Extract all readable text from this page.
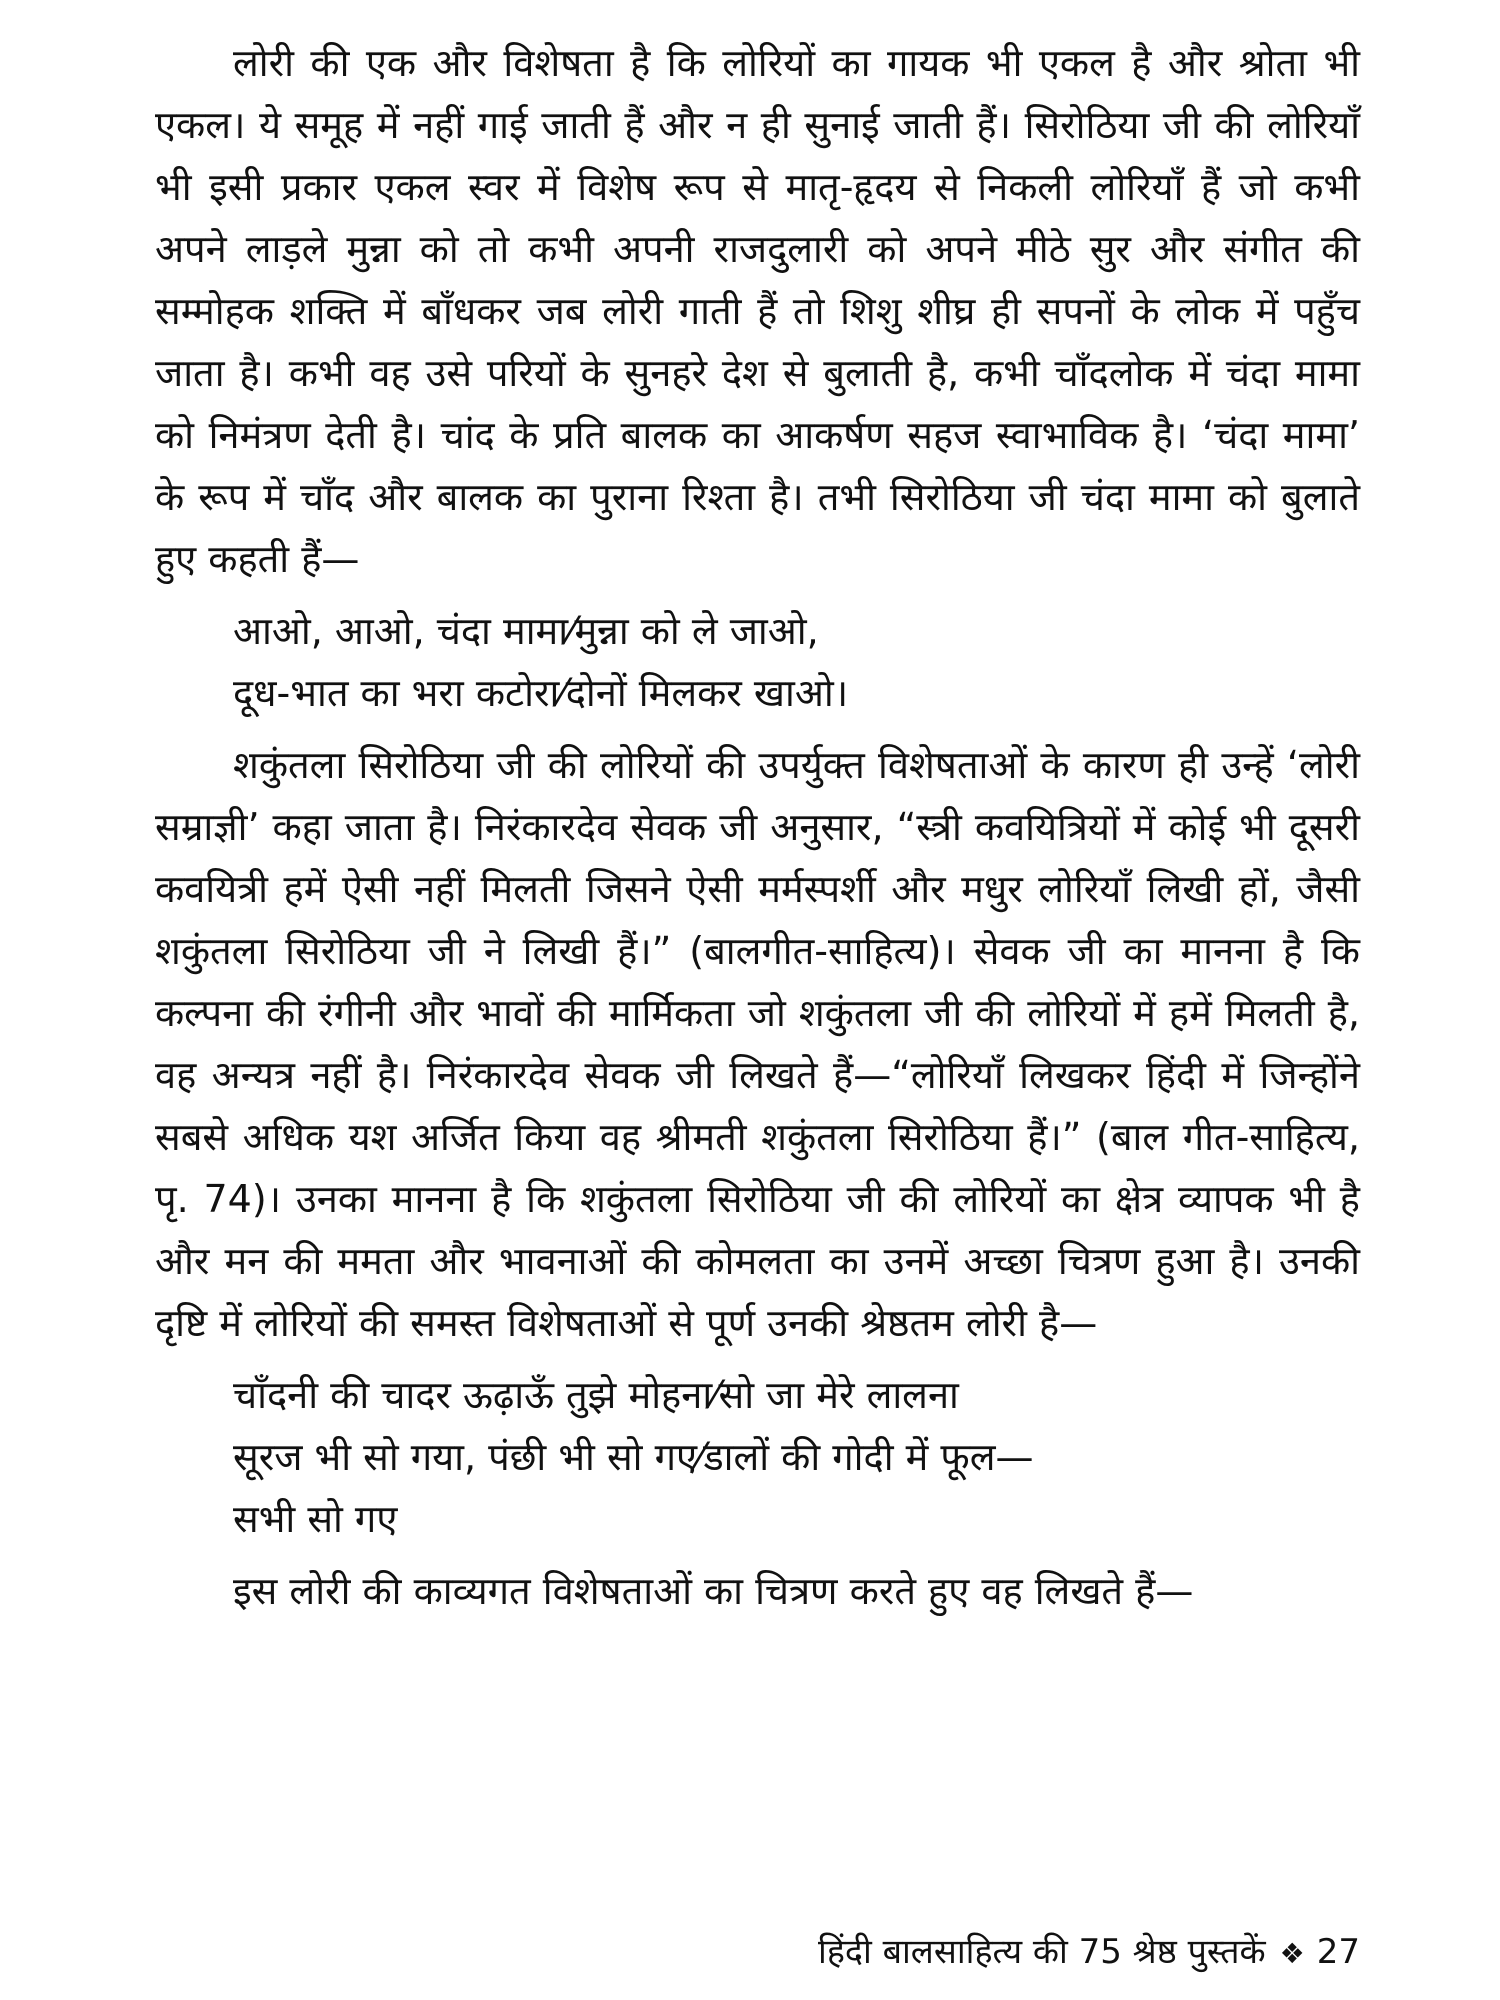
लोरी की एक और विशेषता है कि लोरियों का गायक भी एकल है और श्रोता भी एकल। ये समूह में नहीं गाई जाती हैं और न ही सुनाई जाती हैं। सिरोठिया जी की लोरियाँ भी इसी प्रकार एकल स्वर में विशेष रूप से मातृ-हृदय से निकली लोरियाँ हैं जो कभी अपने लाड़ले मुन्ना को तो कभी अपनी राजदुलारी को अपने मीठे सुर और संगीत की सम्मोहक शक्ति में बाँधकर जब लोरी गाती हैं तो शिशु शीघ्र ही सपनों के लोक में पहुँच जाता है। कभी वह उसे परियों के सुनहरे देश से बुलाती है, कभी चाँदलोक में चंदा मामा को निमंत्रण देती है। चांद के प्रति बालक का आकर्षण सहज स्वाभाविक है। ‘चंदा मामा’ के रूप में चाँद और बालक का पुराना रिश्ता है। तभी सिरोठिया जी चंदा मामा को बुलाते हुए कहती हैं—

आओ, आओ, चंदा मामा⁄मुन्ना को ले जाओ,
दूध-भात का भरा कटोरा⁄दोनों मिलकर खाओ।

शकुंतला सिरोठिया जी की लोरियों की उपर्युक्त विशेषताओं के कारण ही उन्हें ‘लोरी सम्राज्ञी’ कहा जाता है। निरंकारदेव सेवक जी अनुसार, “स्त्री कवयित्रियों में कोई भी दूसरी कवयित्री हमें ऐसी नहीं मिलती जिसने ऐसी मर्मस्पर्शी और मधुर लोरियाँ लिखी हों, जैसी शकुंतला सिरोठिया जी ने लिखी हैं।” (बालगीत-साहित्य)। सेवक जी का मानना है कि कल्पना की रंगीनी और भावों की मार्मिकता जो शकुंतला जी की लोरियों में हमें मिलती है, वह अन्यत्र नहीं है। निरंकारदेव सेवक जी लिखते हैं—“लोरियाँ लिखकर हिंदी में जिन्होंने सबसे अधिक यश अर्जित किया वह श्रीमती शकुंतला सिरोठिया हैं।” (बाल गीत-साहित्य, पृ. 74)। उनका मानना है कि शकुंतला सिरोठिया जी की लोरियों का क्षेत्र व्यापक भी है और मन की ममता और भावनाओं की कोमलता का उनमें अच्छा चित्रण हुआ है। उनकी दृष्टि में लोरियों की समस्त विशेषताओं से पूर्ण उनकी श्रेष्ठतम लोरी है—

चाँदनी की चादर ऊढ़ाऊँ तुझे मोहना⁄सो जा मेरे लालना
सूरज भी सो गया, पंछी भी सो गए⁄डालों की गोदी में फूल—
सभी सो गए

इस लोरी की काव्यगत विशेषताओं का चित्रण करते हुए वह लिखते हैं—

हिंदी बालसाहित्य की 75 श्रेष्ठ पुस्तकें ❖ 27
